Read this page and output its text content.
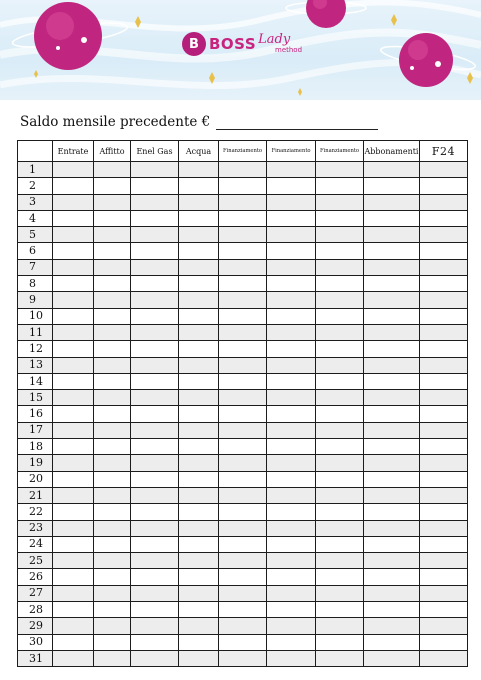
B BOSS Lady
method
Saldo mensile precedente €
	Entrate	Affitto	Enel Gas	Acqua	Finanziamento	Finanziamento	Finanziamento	Abbonamenti	F24
1									
2									
3									
4									
5									
6									
7									
8									
9									
10									
11									
12									
13									
14									
15									
16									
17									
18									
19									
20									
21									
22									
23									
24									
25									
26									
27									
28									
29									
30									
31									
